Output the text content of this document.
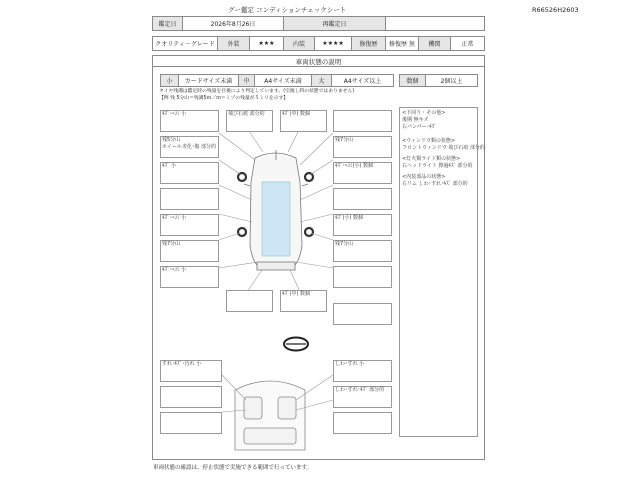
グー鑑定 コンディションチェックシート	R66526H2603
鑑定日	2026年8月26日	再鑑定日
クオリティ－グレード	外装	★★★	内装	★★★★	修復歴	修復歴 無	機関	正常
車両状態の説明
小	カードサイズ未満	中	A4サイズ未満	大	A4サイズ以上	数個	2個以上
タイヤ残溝は鑑定時の残量を目視により判定しています。(引渡し時の状態ではありません)
【例 残 5分山＝残溝5ｍ／ｍ＝ミゾの残量が５ミリを示す】
ｷｽﾞ･ﾍｺﾐ 小
残5分山
ホイール劣化･傷 部分的
ｷｽﾞ 小
ｷｽﾞ･ﾍｺﾐ 小
残7分山
ｷｽﾞ･ﾍｺﾐ 小
飛び石痕 部分的	ｷｽﾞ(中) 数個
ｷｽﾞ(中) 数個
残7分山
ｷｽﾞ･ﾍｺﾐ(小) 数個
ｷｽﾞ(小) 数個
残7分山
すれ･ｷｽﾞ･汚れ 小	しわ･すれ 小
しわ･すれ･ｷｽﾞ 部分的
<下回り・その他>
後期 無キズ
右バンパー･ｷｽﾞ
<ウィンドウ類の状態>
フロントウィンドウ 飛び石痕 部分的
<灯火類ライト類の状態>
右ヘッドライト 擦過ｷｽﾞ 部分的
<内装部品の状態>
右リム しわ･すれ･ｷｽﾞ 部分的
車両状態の確認は、停止状態で実施できる範囲で行っています。
